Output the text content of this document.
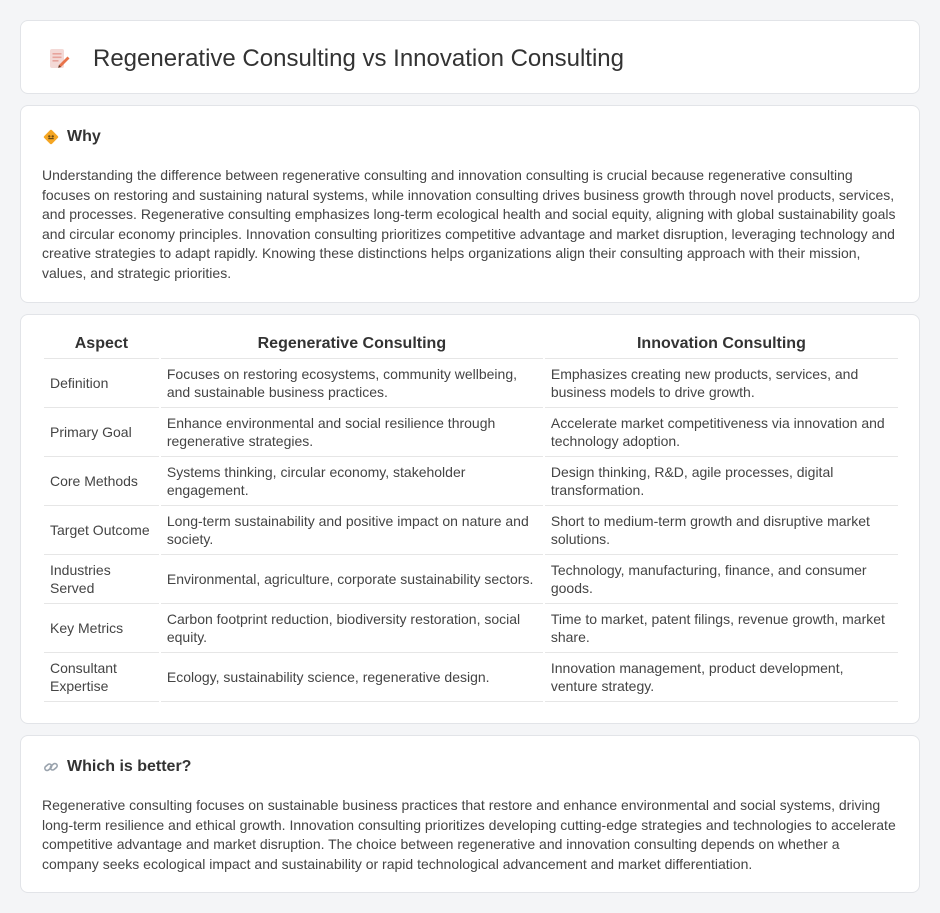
Regenerative Consulting vs Innovation Consulting
Why

Understanding the difference between regenerative consulting and innovation consulting is crucial because regenerative consulting focuses on restoring and sustaining natural systems, while innovation consulting drives business growth through novel products, services, and processes. Regenerative consulting emphasizes long-term ecological health and social equity, aligning with global sustainability goals and circular economy principles. Innovation consulting prioritizes competitive advantage and market disruption, leveraging technology and creative strategies to adapt rapidly. Knowing these distinctions helps organizations align their consulting approach with their mission, values, and strategic priorities.

Aspect	Regenerative Consulting	Innovation Consulting
Definition	Focuses on restoring ecosystems, community wellbeing, and sustainable business practices.	Emphasizes creating new products, services, and business models to drive growth.
Primary Goal	Enhance environmental and social resilience through regenerative strategies.	Accelerate market competitiveness via innovation and technology adoption.
Core Methods	Systems thinking, circular economy, stakeholder engagement.	Design thinking, R&D, agile processes, digital transformation.
Target Outcome	Long-term sustainability and positive impact on nature and society.	Short to medium-term growth and disruptive market solutions.
Industries Served	Environmental, agriculture, corporate sustainability sectors.	Technology, manufacturing, finance, and consumer goods.
Key Metrics	Carbon footprint reduction, biodiversity restoration, social equity.	Time to market, patent filings, revenue growth, market share.
Consultant Expertise	Ecology, sustainability science, regenerative design.	Innovation management, product development, venture strategy.
Which is better?

Regenerative consulting focuses on sustainable business practices that restore and enhance environmental and social systems, driving long-term resilience and ethical growth. Innovation consulting prioritizes developing cutting-edge strategies and technologies to accelerate competitive advantage and market disruption. The choice between regenerative and innovation consulting depends on whether a company seeks ecological impact and sustainability or rapid technological advancement and market differentiation.
